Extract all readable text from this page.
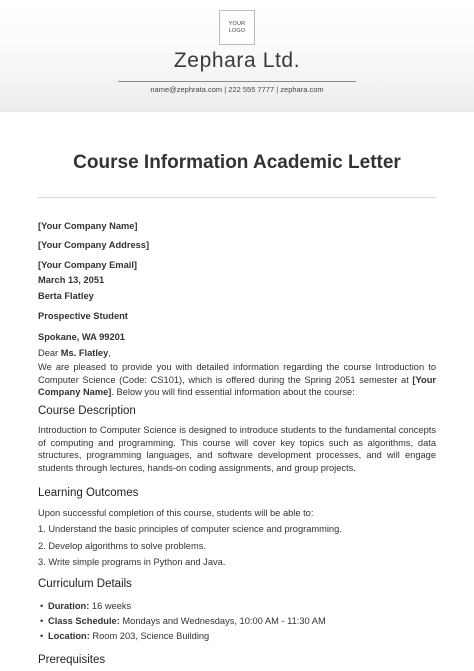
YOUR
LOGO
Zephara Ltd.
name@zephrata.com | 222 555 7777 | zephara.com
Course Information Academic Letter
[Your Company Name]
[Your Company Address]
[Your Company Email]
March 13, 2051
Berta Flatley
Prospective Student
Spokane, WA 99201
Dear Ms. Flatley,
We are pleased to provide you with detailed information regarding the course Introduction to Computer Science (Code: CS101), which is offered during the Spring 2051 semester at [Your Company Name]. Below you will find essential information about the course:
Course Description
Introduction to Computer Science is designed to introduce students to the fundamental concepts of computing and programming. This course will cover key topics such as algorithms, data structures, programming languages, and software development processes, and will engage students through lectures, hands-on coding assignments, and group projects.
Learning Outcomes
Upon successful completion of this course, students will be able to:
1. Understand the basic principles of computer science and programming.
2. Develop algorithms to solve problems.
3. Write simple programs in Python and Java.
Curriculum Details
• Duration: 16 weeks
• Class Schedule: Mondays and Wednesdays, 10:00 AM - 11:30 AM
• Location: Room 203, Science Building
Prerequisites
